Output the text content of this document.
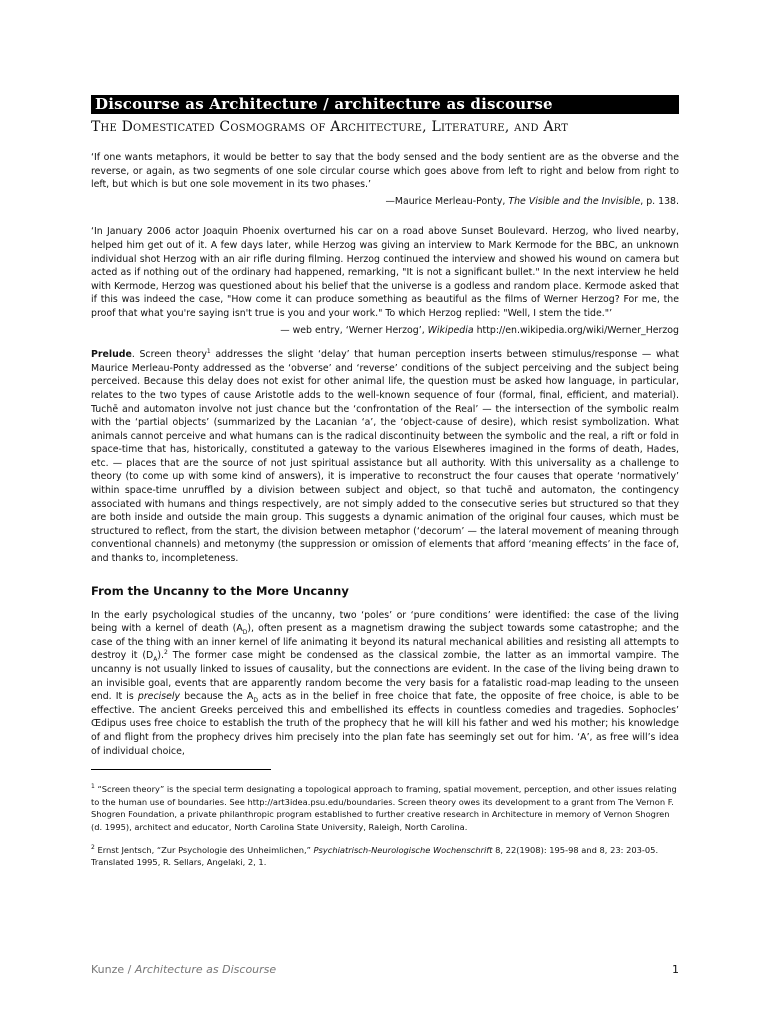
Discourse as Architecture / architecture as discourse
The Domesticated Cosmograms of Architecture, Literature, and Art

‘If one wants metaphors, it would be better to say that the body sensed and the body sentient are as the obverse and the reverse, or again, as two segments of one sole circular course which goes above from left to right and below from right to left, but which is but one sole movement in its two phases.’

—Maurice Merleau-Ponty, The Visible and the Invisible, p. 138.

‘In January 2006 actor Joaquin Phoenix overturned his car on a road above Sunset Boulevard. Herzog, who lived nearby, helped him get out of it. A few days later, while Herzog was giving an interview to Mark Kermode for the BBC, an unknown individual shot Herzog with an air rifle during filming. Herzog continued the interview and showed his wound on camera but acted as if nothing out of the ordinary had happened, remarking, "It is not a significant bullet." In the next interview he held with Kermode, Herzog was questioned about his belief that the universe is a godless and random place. Kermode asked that if this was indeed the case, "How come it can produce something as beautiful as the films of Werner Herzog? For me, the proof that what you're saying isn't true is you and your work." To which Herzog replied: "Well, I stem the tide."’

— web entry, ‘Werner Herzog’, Wikipedia http://en.wikipedia.org/wiki/Werner_Herzog

Prelude. Screen theory$^1$ addresses the slight ‘delay’ that human perception inserts between stimulus/response — what Maurice Merleau-Ponty addressed as the ‘obverse’ and ‘reverse’ conditions of the subject perceiving and the subject being perceived. Because this delay does not exist for other animal life, the question must be asked how language, in particular, relates to the two types of cause Aristotle adds to the well-known sequence of four (formal, final, efficient, and material). Tuchē and automaton involve not just chance but the ‘confrontation of the Real’ — the intersection of the symbolic realm with the ‘partial objects’ (summarized by the Lacanian ‘a’, the ‘object-cause of desire), which resist symbolization. What animals cannot perceive and what humans can is the radical discontinuity between the symbolic and the real, a rift or fold in space-time that has, historically, constituted a gateway to the various Elsewheres imagined in the forms of death, Hades, etc. — places that are the source of not just spiritual assistance but all authority. With this universality as a challenge to theory (to come up with some kind of answers), it is imperative to reconstruct the four causes that operate ‘normatively’ within space-time unruffled by a division between subject and object, so that tuchē and automaton, the contingency associated with humans and things respectively, are not simply added to the consecutive series but structured so that they are both inside and outside the main group. This suggests a dynamic animation of the original four causes, which must be structured to reflect, from the start, the division between metaphor (‘decorum’ — the lateral movement of meaning through conventional channels) and metonymy (the suppression or omission of elements that afford ‘meaning effects’ in the face of, and thanks to, incompleteness.

From the Uncanny to the More Uncanny

In the early psychological studies of the uncanny, two ‘poles’ or ‘pure conditions’ were identified: the case of the living being with a kernel of death $(A_D)$, often present as a magnetism drawing the subject towards some catastrophe; and the case of the thing with an inner kernel of life animating it beyond its natural mechanical abilities and resisting all attempts to destroy it $(D_A).^2$ The former case might be condensed as the classical zombie, the latter as an immortal vampire. The uncanny is not usually linked to issues of causality, but the connections are evident. In the case of the living being drawn to an invisible goal, events that are apparently random become the very basis for a fatalistic road-map leading to the unseen end. It is precisely because the $A_D$ acts as in the belief in free choice that fate, the opposite of free choice, is able to be effective. The ancient Greeks perceived this and embellished its effects in countless comedies and tragedies. Sophocles’ Œdipus uses free choice to establish the truth of the prophecy that he will kill his father and wed his mother; his knowledge of and flight from the prophecy drives him precisely into the plan fate has seemingly set out for him. ‘A’, as free will’s idea of individual choice,

$^1$ “Screen theory” is the special term designating a topological approach to framing, spatial movement, perception, and other issues relating to the human use of boundaries. See http://art3idea.psu.edu/boundaries. Screen theory owes its development to a grant from The Vernon F. Shogren Foundation, a private philanthropic program established to further creative research in Architecture in memory of Vernon Shogren (d. 1995), architect and educator, North Carolina State University, Raleigh, North Carolina.

$^2$ Ernst Jentsch, “Zur Psychologie des Unheimlichen,” Psychiatrisch-Neurologische Wochenschrift 8, 22(1908): 195-98 and 8, 23: 203-05. Translated 1995, R. Sellars, Angelaki, 2, 1.

Kunze / Architecture as Discourse	1
